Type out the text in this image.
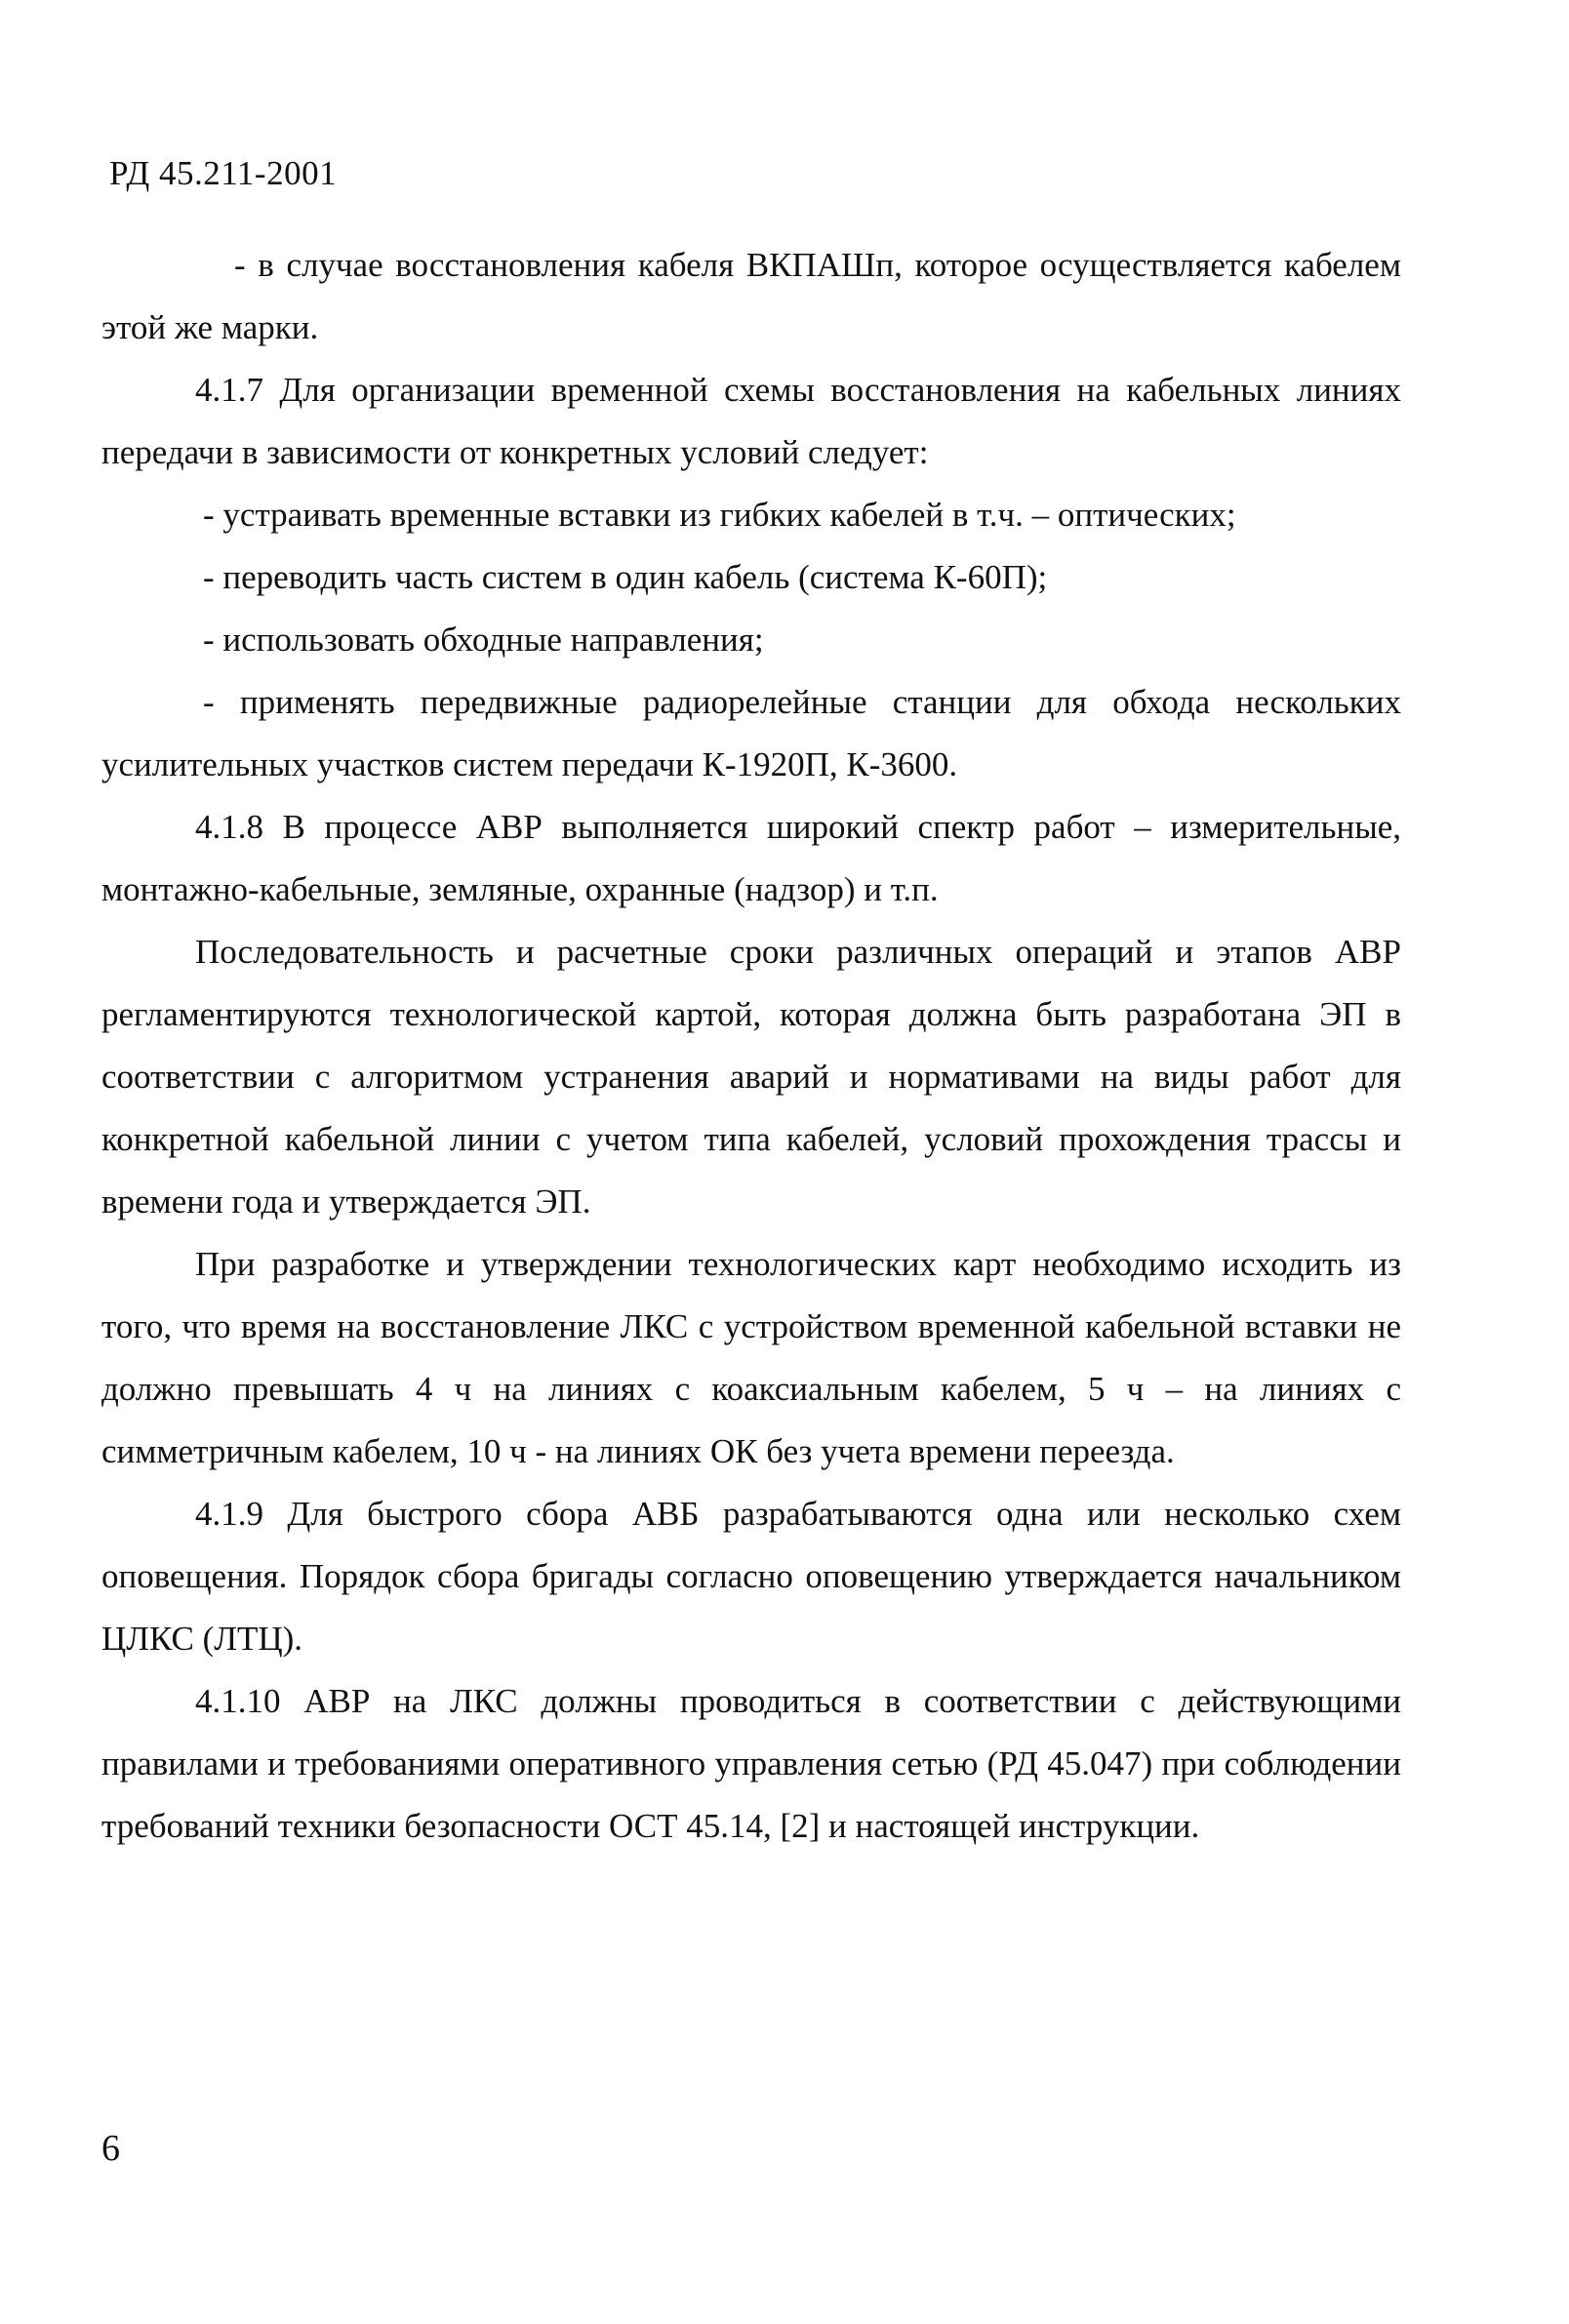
РД 45.211-2001

- в случае восстановления кабеля ВКПАШп, которое осуществляется кабелем этой же марки.

4.1.7 Для организации временной схемы восстановления на кабельных линиях передачи в зависимости от конкретных условий следует:

- устраивать временные вставки из гибких кабелей в т.ч. – оптических;

- переводить часть систем в один кабель (система К-60П);

- использовать обходные направления;

- применять передвижные радиорелейные станции для обхода нескольких усилительных участков систем передачи К-1920П, К-3600.

4.1.8 В процессе АВР выполняется широкий спектр работ – измерительные, монтажно-кабельные, земляные, охранные (надзор) и т.п.

Последовательность и расчетные сроки различных операций и этапов АВР регламентируются технологической картой, которая должна быть разработана ЭП в соответствии с алгоритмом устранения аварий и нормативами на виды работ для конкретной кабельной линии с учетом типа кабелей, условий прохождения трассы и времени года и утверждается ЭП.

При разработке и утверждении технологических карт необходимо исходить из того, что время на восстановление ЛКС с устройством временной кабельной вставки не должно превышать 4 ч на линиях с коаксиальным кабелем, 5 ч – на линиях с симметричным кабелем, 10 ч - на линиях ОК без учета времени переезда.

4.1.9 Для быстрого сбора АВБ разрабатываются одна или несколько схем оповещения. Порядок сбора бригады согласно оповещению утверждается начальником ЦЛКС (ЛТЦ).

4.1.10 АВР на ЛКС должны проводиться в соответствии с действующими правилами и требованиями оперативного управления сетью (РД 45.047) при соблюдении требований техники безопасности ОСТ 45.14, [2] и настоящей инструкции.

6
